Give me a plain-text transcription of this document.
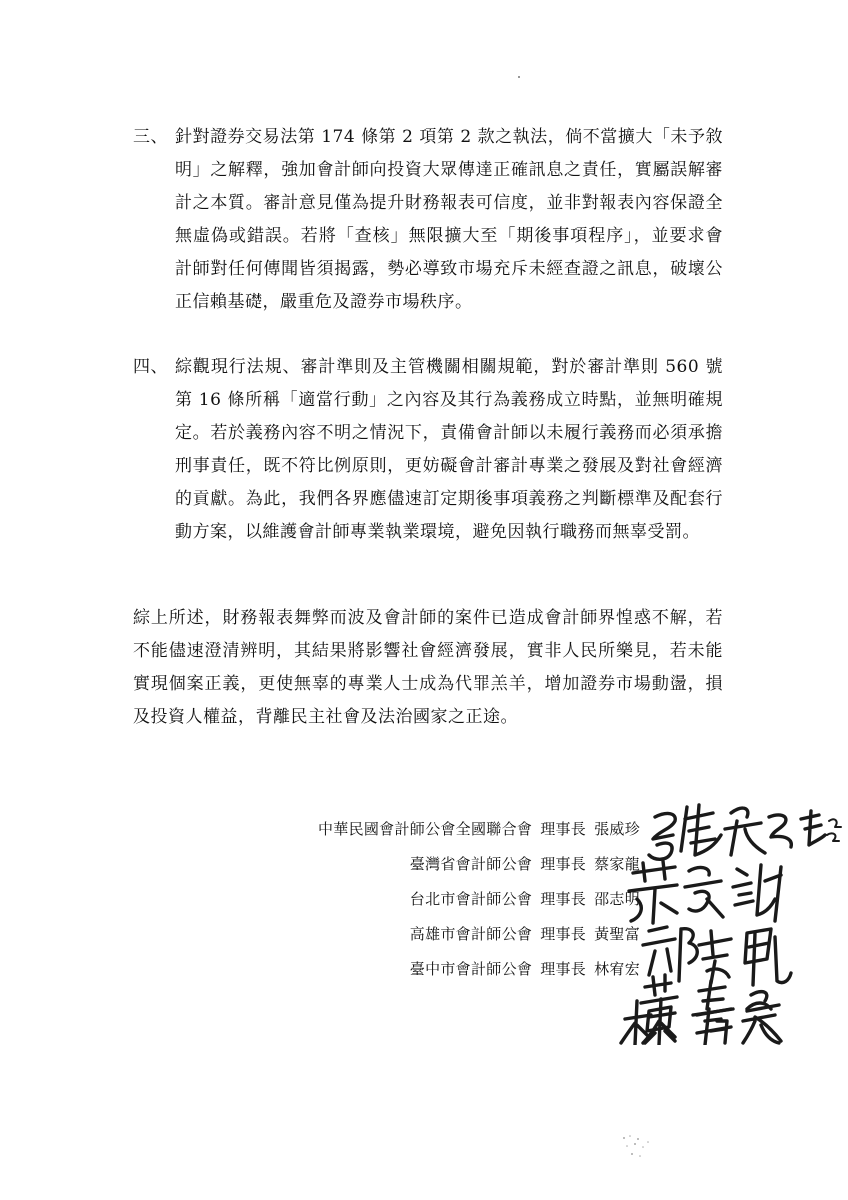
三、 針對證券交易法第 174 條第 2 項第 2 款之執法，倘不當擴大「未予敘明」之解釋，強加會計師向投資大眾傳達正確訊息之責任，實屬誤解審計之本質。審計意見僅為提升財務報表可信度，並非對報表內容保證全無虛偽或錯誤。若將「查核」無限擴大至「期後事項程序」，並要求會計師對任何傳聞皆須揭露，勢必導致市場充斥未經查證之訊息，破壞公正信賴基礎，嚴重危及證券市場秩序。
四、 綜觀現行法規、審計準則及主管機關相關規範，對於審計準則 560 號第 16 條所稱「適當行動」之內容及其行為義務成立時點，並無明確規定。若於義務內容不明之情況下，責備會計師以未履行義務而必須承擔刑事責任，既不符比例原則，更妨礙會計審計專業之發展及對社會經濟的貢獻。為此，我們各界應儘速訂定期後事項義務之判斷標準及配套行動方案，以維護會計師專業執業環境，避免因執行職務而無辜受罰。
綜上所述，財務報表舞弊而波及會計師的案件已造成會計師界惶惑不解，若不能儘速澄清辨明，其結果將影響社會經濟發展，實非人民所樂見，若未能實現個案正義，更使無辜的專業人士成為代罪羔羊，增加證券市場動盪，損及投資人權益，背離民主社會及法治國家之正途。
中華民國會計師公會全國聯合會 理事長 張威珍
臺灣省會計師公會 理事長 蔡家龍
台北市會計師公會 理事長 邵志明
高雄市會計師公會 理事長 黃聖富
臺中市會計師公會 理事長 林宥宏
